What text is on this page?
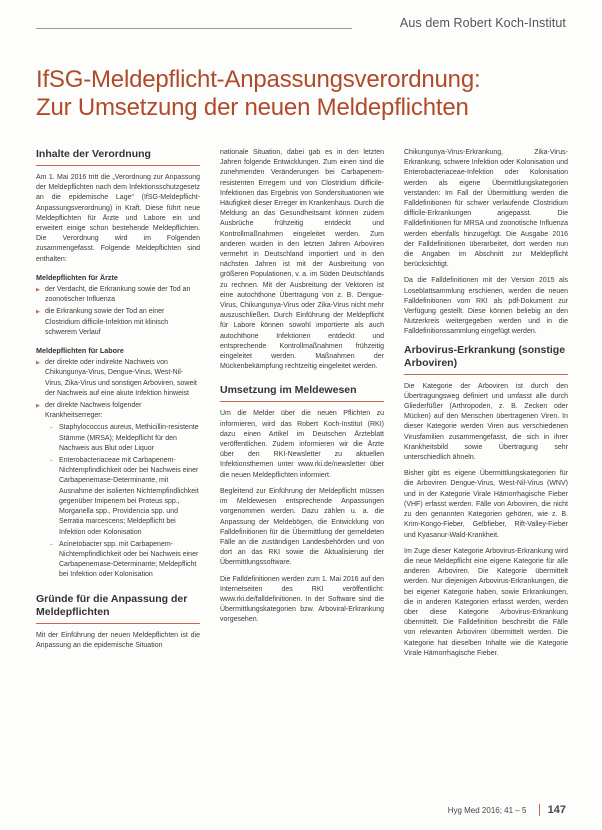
Aus dem Robert Koch-Institut
IfSG-Meldepflicht-Anpassungsverordnung:
Zur Umsetzung der neuen Meldepflichten
Inhalte der Verordnung

Am 1. Mai 2016 tritt die „Verordnung zur Anpassung der Meldepflichten nach dem Infektionsschutzgesetz an die epidemische Lage“ (IfSG-Meldepflicht-Anpassungsverordnung) in Kraft. Diese führt neue Meldepflichten für Ärzte und Labore ein und erweitert einige schon bestehende Meldepflichten. Die Verordnung wird im Folgenden zusammengefasst. Folgende Meldepflichten sind enthalten:

Meldepflichten für Ärzte
▶ der Verdacht, die Erkrankung sowie der Tod an zoonotischer Influenza
▶ die Erkrankung sowie der Tod an einer Clostridium difficile-Infektion mit klinisch schwerem Verlauf
Meldepflichten für Labore
▶ der direkte oder indirekte Nachweis von Chikungunya-Virus, Dengue-Virus, West-Nil-Virus, Zika-Virus und sonstigen Arboviren, soweit der Nachweis auf eine akute Infektion hinweist
▶ der direkte Nachweis folgender Krankheitserreger:
– Staphylococcus aureus, Methicillin-resistente Stämme (MRSA); Meldepflicht für den Nachweis aus Blut oder Liquor
– Enterobacteriaceae mit Carbapenem-Nichtempfindlichkeit oder bei Nachweis einer Carbapenemase-Determinante, mit Ausnahme der isolierten Nichtempfindlichkeit gegenüber Imipenem bei Proteus spp., Morganella spp., Providencia spp. und Serratia marcescens; Meldepflicht bei Infektion oder Kolonisation
– Acinetobacter spp. mit Carbapenem-Nichtempfindlichkeit oder bei Nachweis einer Carbapenemase-Determinante; Meldepflicht bei Infektion oder Kolonisation
Gründe für die Anpassung der Meldepflichten

Mit der Einführung der neuen Meldepflichten ist die Anpassung an die epidemische Situation

nationale Situation, dabei gab es in den letzten Jahren folgende Entwicklungen. Zum einen sind die zunehmenden Veränderungen bei Carbapenem-resistenten Erregern und von Clostridium difficile-Infektionen das Ergebnis von Sondersituationen wie Häufigkeit dieser Erreger im Krankenhaus. Durch die Meldung an das Gesundheitsamt können zudem Ausbrüche frühzeitig entdeckt und Kontrollmaßnahmen eingeleitet werden. Zum anderen wurden in den letzten Jahren Arboviren vermehrt in Deutschland importiert und in den nächsten Jahren ist mit der Ausbreitung von größeren Populationen, v. a. im Süden Deutschlands zu rechnen. Mit der Ausbreitung der Vektoren ist eine autochthone Übertragung von z. B. Dengue-Virus, Chikungunya-Virus oder Zika-Virus nicht mehr auszuschließen. Durch Einführung der Meldepflicht für Labore können sowohl importierte als auch autochthone Infektionen entdeckt und entsprechende Kontrollmaßnahmen frühzeitig eingeleitet werden. Maßnahmen der Mückenbekämpfung rechtzeitig eingeleitet werden.

Umsetzung im Meldewesen

Um die Melder über die neuen Pflichten zu informieren, wird das Robert Koch-Institut (RKI) dazu einen Artikel im Deutschen Ärzteblatt veröffentlichen. Zudem informieren wir die Ärzte über den RKI-Newsletter zu aktuellen Infektionsthemen unter www.rki.de/newsletter über die neuen Meldepflichten informiert.

Begleitend zur Einführung der Meldepflicht müssen im Meldewesen entsprechende Anpassungen vorgenommen werden. Dazu zählen u. a. die Anpassung der Meldebögen, die Entwicklung von Falldefinitionen für die Übermittlung der gemeldeten Fälle an die zuständigen Landesbehörden und von dort an das RKI sowie die Aktualisierung der Übermittlungssoftware.

Die Falldefinitionen werden zum 1. Mai 2016 auf den Internetseiten des RKI veröffentlicht: www.rki.de/falldefinitionen. In der Software sind die Übermittlungskategorien bzw. Arboviral-Erkrankung vorgesehen.

Chikungunya-Virus-Erkrankung, Zika-Virus-Erkrankung, schwere Infektion oder Kolonisation und Enterobacteriaceae-Infektion oder Kolonisation werden als eigene Übermittlungskategorien verstanden: Im Fall der Übermittlung werden die Falldefinitionen für schwer verlaufende Clostridium difficile-Erkrankungen angepasst. Die Falldefinitionen für MRSA und zoonotische Influenza werden ebenfalls hinzugefügt. Die Ausgabe 2016 der Falldefinitionen überarbeitet, dort werden nun die Angaben im Abschnitt zur Meldepflicht berücksichtigt.

Da die Falldefinitionen mit der Version 2015 als Loseblattsammlung erschienen, werden die neuen Falldefinitionen vom RKI als pdf-Dokument zur Verfügung gestellt. Diese können beliebig an den Nutzerkreis weitergegeben werden und in die Falldefinitionssammlung eingefügt werden.

Arbovirus-Erkrankung (sonstige Arboviren)

Die Kategorie der Arboviren ist durch den Übertragungsweg definiert und umfasst alle durch Gliederfüßer (Arthropoden, z. B. Zecken oder Mücken) auf den Menschen übertragenen Viren. In dieser Kategorie werden Viren aus verschiedenen Virusfamilien zusammengefasst, die sich in ihrer Krankheitsbild sowie Übertragung sehr unterschiedlich ähneln.

Bisher gibt es eigene Übermittlungskategorien für die Arboviren Dengue-Virus, West-Nil-Virus (WNV) und in der Kategorie Virale Hämorrhagische Fieber (VHF) erfasst werden. Fälle von Arboviren, die nicht zu den genannten Kategorien gehören, wie z. B. Krim-Kongo-Fieber, Gelbfieber, Rift-Valley-Fieber und Kyasanur-Wald-Krankheit.

Im Zuge dieser Kategorie Arbovirus-Erkrankung wird die neue Meldepflicht eine eigene Kategorie für alle anderen Arboviren. Die Kategorie übermittelt werden. Nur diejenigen Arbovirus-Erkrankungen, die bei eigener Kategorie haben, sowie Erkrankungen, die in anderen Kategorien erfasst werden, werden über diese Kategorie Arbovirus-Erkrankung übermittelt. Die Falldefinition beschreibt die Fälle von relevanten Arboviren übermittelt werden. Die Kategorie hat dieselben Inhalte wie die Kategorie Virale Hämorrhagische Fieber.

Hyg Med 2016; 41 – 5 147
